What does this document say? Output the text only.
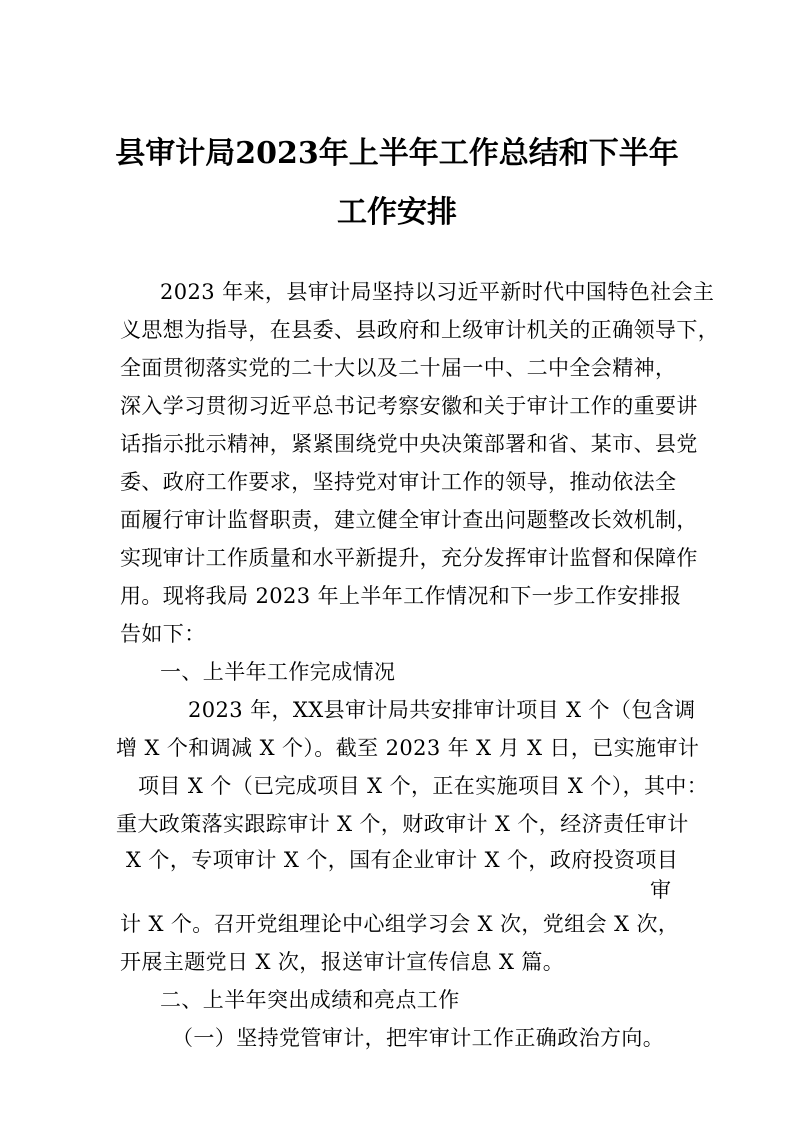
县审计局2023年上半年工作总结和下半年
工作安排
2023 年来，县审计局坚持以习近平新时代中国特色社会主
义思想为指导，在县委、县政府和上级审计机关的正确领导下，
全面贯彻落实党的二十大以及二十届一中、二中全会精神，
深入学习贯彻习近平总书记考察安徽和关于审计工作的重要讲
话指示批示精神，紧紧围绕党中央决策部署和省、某市、县党
委、政府工作要求，坚持党对审计工作的领导，推动依法全
面履行审计监督职责，建立健全审计查出问题整改长效机制，
实现审计工作质量和水平新提升，充分发挥审计监督和保障作
用。现将我局 2023 年上半年工作情况和下一步工作安排报
告如下：
一、上半年工作完成情况
2023 年，XX县审计局共安排审计项目 X 个（包含调
增 X 个和调减 X 个）。截至 2023 年 X 月 X 日，已实施审计
项目 X 个（已完成项目 X 个，正在实施项目 X 个），其中：
重大政策落实跟踪审计 X 个，财政审计 X 个，经济责任审计
X 个，专项审计 X 个，国有企业审计 X 个，政府投资项目
审
计 X 个。召开党组理论中心组学习会 X 次，党组会 X 次，
开展主题党日 X 次，报送审计宣传信息 X 篇。
二、上半年突出成绩和亮点工作
（一）坚持党管审计，把牢审计工作正确政治方向。
